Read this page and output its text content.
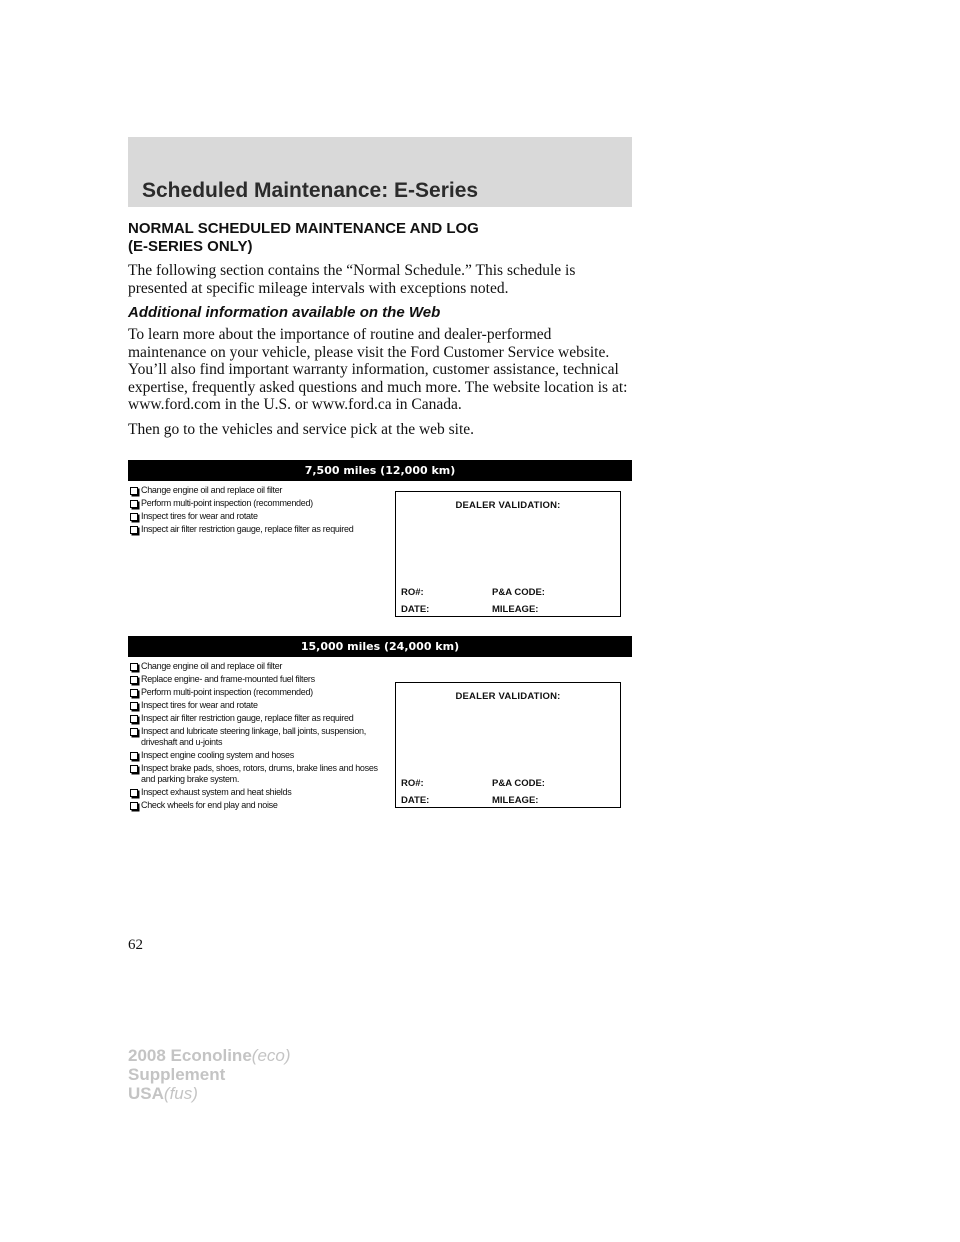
Scheduled Maintenance: E-Series
NORMAL SCHEDULED MAINTENANCE AND LOG
(E-SERIES ONLY)

The following section contains the “Normal Schedule.” This schedule is presented at specific mileage intervals with exceptions noted.

Additional information available on the Web

To learn more about the importance of routine and dealer-performed maintenance on your vehicle, please visit the Ford Customer Service website. You’ll also find important warranty information, customer assistance, technical expertise, frequently asked questions and much more. The website location is at: www.ford.com in the U.S. or www.ford.ca in Canada.

Then go to the vehicles and service pick at the web site.

7,500 miles (12,000 km)
Change engine oil and replace oil filter
Perform multi-point inspection (recommended)
Inspect tires for wear and rotate
Inspect air filter restriction gauge, replace filter as required
DEALER VALIDATION:
RO#:	P&A CODE:
DATE:	MILEAGE:
15,000 miles (24,000 km)
Change engine oil and replace oil filter
Replace engine- and frame-mounted fuel filters
Perform multi-point inspection (recommended)
Inspect tires for wear and rotate
Inspect air filter restriction gauge, replace filter as required
Inspect and lubricate steering linkage, ball joints, suspension, driveshaft and u-joints
Inspect engine cooling system and hoses
Inspect brake pads, shoes, rotors, drums, brake lines and hoses and parking brake system.
Inspect exhaust system and heat shields
Check wheels for end play and noise
DEALER VALIDATION:
RO#:	P&A CODE:
DATE:	MILEAGE:
62
2008 Econoline(eco)
Supplement
USA(fus)
